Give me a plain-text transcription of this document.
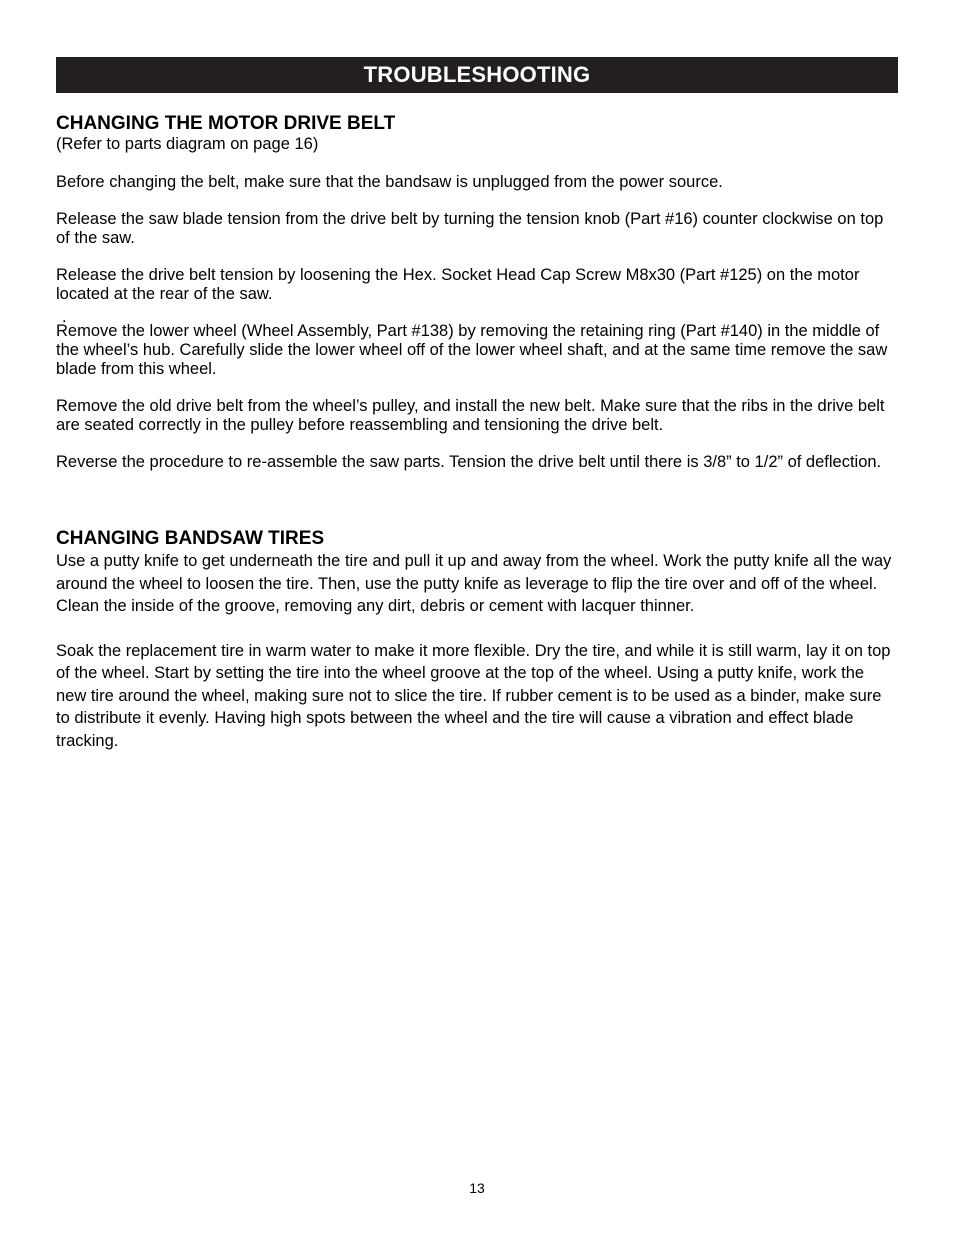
TROUBLESHOOTING
CHANGING THE MOTOR DRIVE BELT

(Refer to parts diagram on page 16)

Before changing the belt, make sure that the bandsaw is unplugged from the power source.

Release the saw blade tension from the drive belt by turning the tension knob (Part #16) counter clockwise on top of the saw.

Release the drive belt tension by loosening the Hex. Socket Head Cap Screw M8x30 (Part #125) on the motor located at the rear of the saw.

.

Remove the lower wheel (Wheel Assembly, Part #138) by removing the retaining ring (Part #140) in the middle of the wheel’s hub. Carefully slide the lower wheel off of the lower wheel shaft, and at the same time remove the saw blade from this wheel.

Remove the old drive belt from the wheel’s pulley, and install the new belt. Make sure that the ribs in the drive belt are seated correctly in the pulley before reassembling and tensioning the drive belt.

Reverse the procedure to re-assemble the saw parts. Tension the drive belt until there is 3/8” to 1/2” of deflection.

CHANGING BANDSAW TIRES

Use a putty knife to get underneath the tire and pull it up and away from the wheel. Work the putty knife all the way around the wheel to loosen the tire. Then, use the putty knife as leverage to flip the tire over and off of the wheel. Clean the inside of the groove, removing any dirt, debris or cement with lacquer thinner.

Soak the replacement tire in warm water to make it more flexible. Dry the tire, and while it is still warm, lay it on top of the wheel. Start by setting the tire into the wheel groove at the top of the wheel. Using a putty knife, work the new tire around the wheel, making sure not to slice the tire. If rubber cement is to be used as a binder, make sure to distribute it evenly. Having high spots between the wheel and the tire will cause a vibration and effect blade tracking.

13
